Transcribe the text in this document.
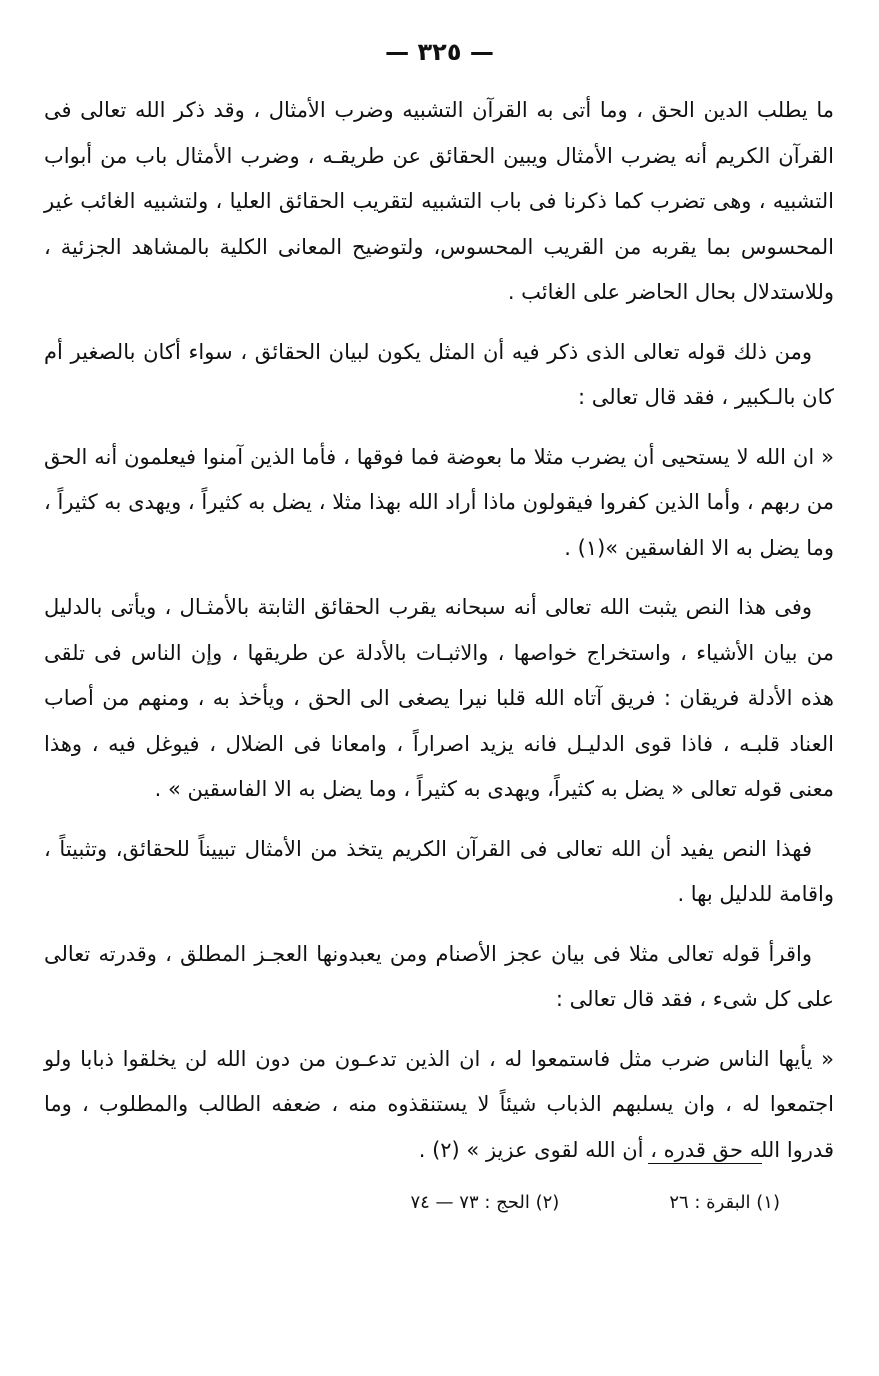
— ٣٢٥ —

ما يطلب الدين الحق ، وما أتى به القرآن التشبيه وضرب الأمثال ، وقد ذكر الله تعالى فى القرآن الكريم أنه يضرب الأمثال ويبين الحقائق عن طريقـه ، وضرب الأمثال باب من أبواب التشبيه ، وهى تضرب كما ذكرنا فى باب التشبيه لتقريب الحقائق العليا ، ولتشبيه الغائب غير المحسوس بما يقربه من القريب المحسوس، ولتوضيح المعانى الكلية بالمشاهد الجزئية ، وللاستدلال بحال الحاضر على الغائب .

ومن ذلك قوله تعالى الذى ذكر فيه أن المثل يكون لبيان الحقائق ، سواء أكان بالصغير أم كان بالـكبير ، فقد قال تعالى :

« ان الله لا يستحيى أن يضرب مثلا ما بعوضة فما فوقها ، فأما الذين آمنوا فيعلمون أنه الحق من ربهم ، وأما الذين كفروا فيقولون ماذا أراد الله بهذا مثلا ، يضل به كثيراً ، ويهدى به كثيراً ، وما يضل به الا الفاسقين »(١) .

وفى هذا النص يثبت الله تعالى أنه سبحانه يقرب الحقائق الثابتة بالأمثـال ، ويأتى بالدليل من بيان الأشياء ، واستخراج خواصها ، والاثبـات بالأدلة عن طريقها ، وإن الناس فى تلقى هذه الأدلة فريقان : فريق آتاه الله قلبا نيرا يصغى الى الحق ، ويأخذ به ، ومنهم من أصاب العناد قلبـه ، فاذا قوى الدليـل فانه يزيد اصراراً ، وامعانا فى الضلال ، فيوغل فيه ، وهذا معنى قوله تعالى « يضل به كثيراً، ويهدى به كثيراً ، وما يضل به الا الفاسقين » .

فهذا النص يفيد أن الله تعالى فى القرآن الكريم يتخذ من الأمثال تبييناً للحقائق، وتثبيتاً ، واقامة للدليل بها .

واقرأ قوله تعالى مثلا فى بيان عجز الأصنام ومن يعبدونها العجـز المطلق ، وقدرته تعالى على كل شىء ، فقد قال تعالى :

« يأيها الناس ضرب مثل فاستمعوا له ، ان الذين تدعـون من دون الله لن يخلقوا ذبابا ولو اجتمعوا له ، وان يسلبهم الذباب شيئاً لا يستنقذوه منه ، ضعفه الطالب والمطلوب ، وما قدروا الله حق قدره ، أن الله لقوى عزيز » (٢) .

(١) البقرة : ٢٦
(٢) الحج : ٧٣ — ٧٤
